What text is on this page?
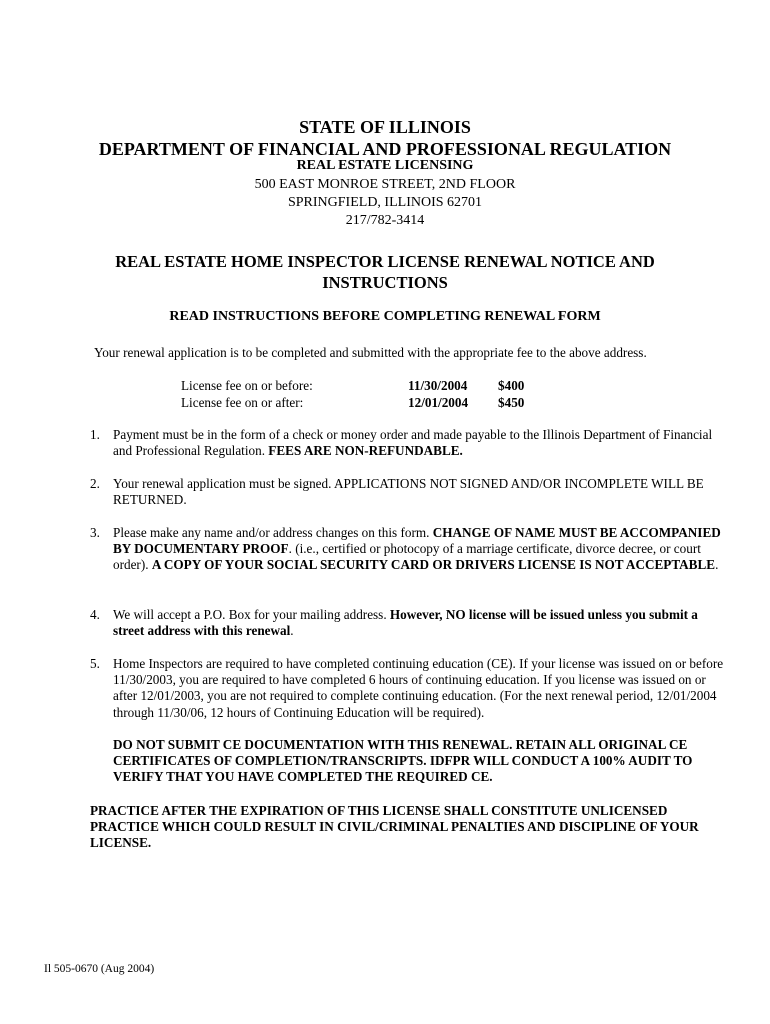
STATE OF ILLINOIS
DEPARTMENT OF FINANCIAL AND PROFESSIONAL REGULATION
REAL ESTATE LICENSING
500 EAST MONROE STREET, 2ND FLOOR
SPRINGFIELD, ILLINOIS 62701
217/782-3414
REAL ESTATE HOME INSPECTOR LICENSE RENEWAL NOTICE AND
INSTRUCTIONS
READ INSTRUCTIONS BEFORE COMPLETING RENEWAL FORM
Your renewal application is to be completed and submitted with the appropriate fee to the above address.
License fee on or before:	11/30/2004 $400
License fee on or after:	12/01/2004 $450
1. Payment must be in the form of a check or money order and made payable to the Illinois Department of Financial and Professional Regulation. FEES ARE NON-REFUNDABLE.
2. Your renewal application must be signed. APPLICATIONS NOT SIGNED AND/OR INCOMPLETE WILL BE RETURNED.
3. Please make any name and/or address changes on this form. CHANGE OF NAME MUST BE ACCOMPANIED BY DOCUMENTARY PROOF. (i.e., certified or photocopy of a marriage certificate, divorce decree, or court order). A COPY OF YOUR SOCIAL SECURITY CARD OR DRIVERS LICENSE IS NOT ACCEPTABLE.
4. We will accept a P.O. Box for your mailing address. However, NO license will be issued unless you submit a street address with this renewal.
5. Home Inspectors are required to have completed continuing education (CE). If your license was issued on or before 11/30/2003, you are required to have completed 6 hours of continuing education. If you license was issued on or after 12/01/2003, you are not required to complete continuing education. (For the next renewal period, 12/01/2004 through 11/30/06, 12 hours of Continuing Education will be required).
DO NOT SUBMIT CE DOCUMENTATION WITH THIS RENEWAL. RETAIN ALL ORIGINAL CE CERTIFICATES OF COMPLETION/TRANSCRIPTS. IDFPR WILL CONDUCT A 100% AUDIT TO VERIFY THAT YOU HAVE COMPLETED THE REQUIRED CE.
PRACTICE AFTER THE EXPIRATION OF THIS LICENSE SHALL CONSTITUTE UNLICENSED PRACTICE WHICH COULD RESULT IN CIVIL/CRIMINAL PENALTIES AND DISCIPLINE OF YOUR LICENSE.
Il 505-0670 (Aug 2004)
